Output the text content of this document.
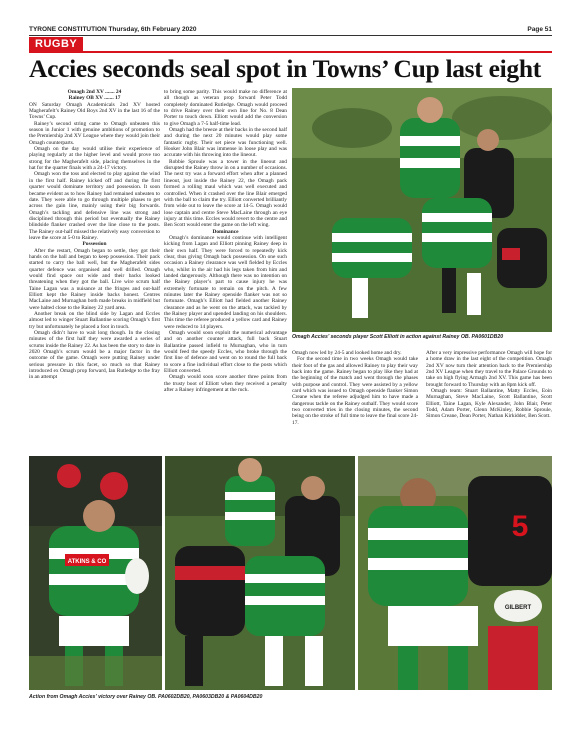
TYRONE CONSTITUTION Thursday, 6th February 2020	Page 51
RUGBY
Accies seconds seal spot in Towns’ Cup last eight

Omagh 2nd XV ....... 24

Rainey OB XV ....... 17

ON Saturday Omagh Academicals 2nd XV hosted Magherafelt’s Rainey Old Boys 2nd XV in the last 16 of the Towns’ Cup.

Rainey’s second string came to Omagh unbeaten this season in Junior 1 with genuine ambitions of promotion to the Premiership 2nd XV League where they would join their Omagh counterparts.

Omagh on the day would utilise their experience of playing regularly at the higher level and would prove too strong for the Magherafelt side, placing themselves in the hat for the quarter finals with a 24-17 victory.

Omagh won the toss and elected to play against the wind in the first half. Rainey kicked off and during the first quarter would dominate territory and possession. It soon became evident as to how Rainey had remained unbeaten to date. They were able to go through multiple phases to get across the gain line, mainly using their big forwards. Omagh’s tackling and defensive line was strong and disciplined through this period but eventually the Rainey blindside flanker crashed over the line close to the posts. The Rainey out-half missed the relatively easy conversion to leave the score at 5-0 to Rainey.

Possession

After the restart, Omagh began to settle, they got their hands on the ball and began to keep possession. Their pack started to carry the ball well, but the Magherafelt sides quarter defence was organised and well drilled. Omagh would find space out wide and their backs looked threatening when they got the ball. Live wire scrum half Taine Lagan was a nuisance at the fringes and out-half Elliott kept the Rainey inside backs honest. Centres MacLaine and Murnaghan both made breaks in midfield but were halted close to the Rainey 22 yard area.

Another break on the blind side by Lagan and Eccles almost led to winger Stuart Ballantine scoring Omagh’s first try but unfortunately he placed a foot in touch.

Omagh didn’t have to wait long though. In the closing minutes of the first half they were awarded a series of scrums inside the Rainey 22. As has been the story to date in 2020 Omagh’s scrum would be a major factor in the outcome of the game. Omagh were putting Rainey under serious pressure in this facet, so much so that Rainey introduced ex Omagh prop forward, Ian Rutledge to the fray in an attempt

to bring some parity. This would make no difference at all though as veteran prop forward Peter Todd completely dominated Rutledge. Omagh would proceed to drive Rainey over their own line for No. 8 Dean Porter to touch down. Elliott would add the conversion to give Omagh a 7-5 half-time lead.

Omagh had the breeze at their backs in the second half and during the next 20 minutes would play some fantastic rugby. Their set piece was functioning well. Hooker John Blair was immense in loose play and was accurate with his throwing into the lineout.

Robbie Sproule was a tower in the lineout and disrupted the Rainey throw in on a number of occasions. The next try was a forward effort when after a planned lineout, just inside the Rainey 22, the Omagh pack formed a rolling maul which was well executed and controlled. When it crashed over the line Blair emerged with the ball to claim the try. Elliott converted brilliantly from wide out to leave the score at 14-5. Omagh would lose captain and centre Steve MacLaine through an eye injury at this time. Eccles would revert to the centre and Ben Scott would enter the game on the left wing.

Dominance

Omagh’s dominance would continue with intelligent kicking from Lagan and Elliott pinning Rainey deep in their own half. They were forced to repeatedly kick clear, thus giving Omagh back possession. On one such occasion a Rainey clearance was well fielded by Eccles who, whilst in the air had his legs taken from him and landed dangerously. Although there was no intention on the Rainey player’s part to cause injury he was extremely fortunate to remain on the pitch. A few minutes later the Rainey openside flanker was not so fortunate. Omagh’s Elliott had fielded another Rainey clearance and as he went on the attack, was tackled by the Rainey player and upended landing on his shoulders. This time the referee produced a yellow card and Rainey were reduced to 14 players.

Omagh would soon exploit the numerical advantage and on another counter attack, full back Stuart Ballantine passed infield to Murnaghan, who in turn would feed the speedy Eccles, who broke through the first line of defence and went on to round the full back to score a fine individual effort close to the posts which Elliott converted.

Omagh would soon score another three points from the trusty boot of Elliott when they received a penalty after a Rainey infringement at the ruck.

Omagh Accies’ seconds player Scott Elliott in action against Rainey OB. PA0601DB20

Omagh now led by 24-5 and looked home and dry.

For the second time in two weeks Omagh would take their foot of the gas and allowed Rainey to play their way back into the game. Rainey began to play like they had at the beginning of the match and went through the phases with purpose and control. They were assisted by a yellow card which was issued to Omagh openside flanker Simon Creane when the referee adjudged him to have made a dangerous tackle on the Rainey outhalf. They would score two converted tries in the closing minutes, the second being on the stroke of full time to leave the final score 24-17.

After a very impressive performance Omagh will hope for a home draw in the last eight of the competition. Omagh 2nd XV now turn their attention back to the Premiership 2nd XV League when they travel to the Palace Grounds to take on high flying Armagh 2nd XV. This game has been brought forward to Thursday with an 8pm kick off.

Omagh team: Stuart Ballantine, Matty Eccles, Eoin Murnaghan, Steve MacLaine, Scott Ballantine, Scott Elliott, Taine Lagan, Kyle Alexander, John Blair, Peter Todd, Adam Porter, Glenn McKinley, Robbie Sproule, Simon Creane, Dean Porter, Nathan Kirkidder, Ben Scott.

ATKINS & CO
5
GILBERT
Action from Omagh Accies’ victory over Rainey OB. PA0602DB20, PA0603DB20 & PA0604DB20
